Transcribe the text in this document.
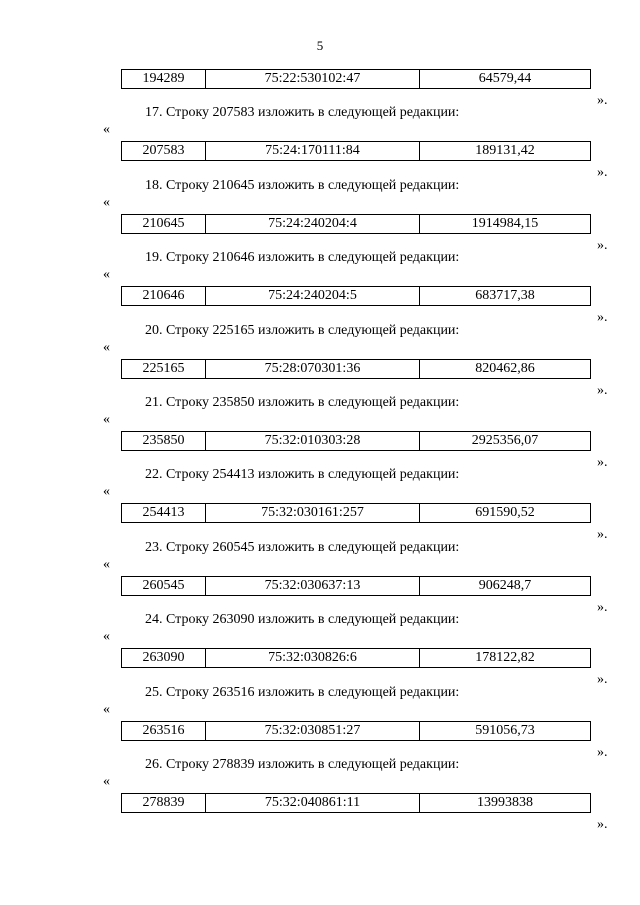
5
194289	75:22:530102:47	64579,44
».
17. Строку 207583 изложить в следующей редакции:
«
207583	75:24:170111:84	189131,42
».
18. Строку 210645 изложить в следующей редакции:
«
210645	75:24:240204:4	1914984,15
».
19. Строку 210646 изложить в следующей редакции:
«
210646	75:24:240204:5	683717,38
».
20. Строку 225165 изложить в следующей редакции:
«
225165	75:28:070301:36	820462,86
».
21. Строку 235850 изложить в следующей редакции:
«
235850	75:32:010303:28	2925356,07
».
22. Строку 254413 изложить в следующей редакции:
«
254413	75:32:030161:257	691590,52
».
23. Строку 260545 изложить в следующей редакции:
«
260545	75:32:030637:13	906248,7
».
24. Строку 263090 изложить в следующей редакции:
«
263090	75:32:030826:6	178122,82
».
25. Строку 263516 изложить в следующей редакции:
«
263516	75:32:030851:27	591056,73
».
26. Строку 278839 изложить в следующей редакции:
«
278839	75:32:040861:11	13993838
».
